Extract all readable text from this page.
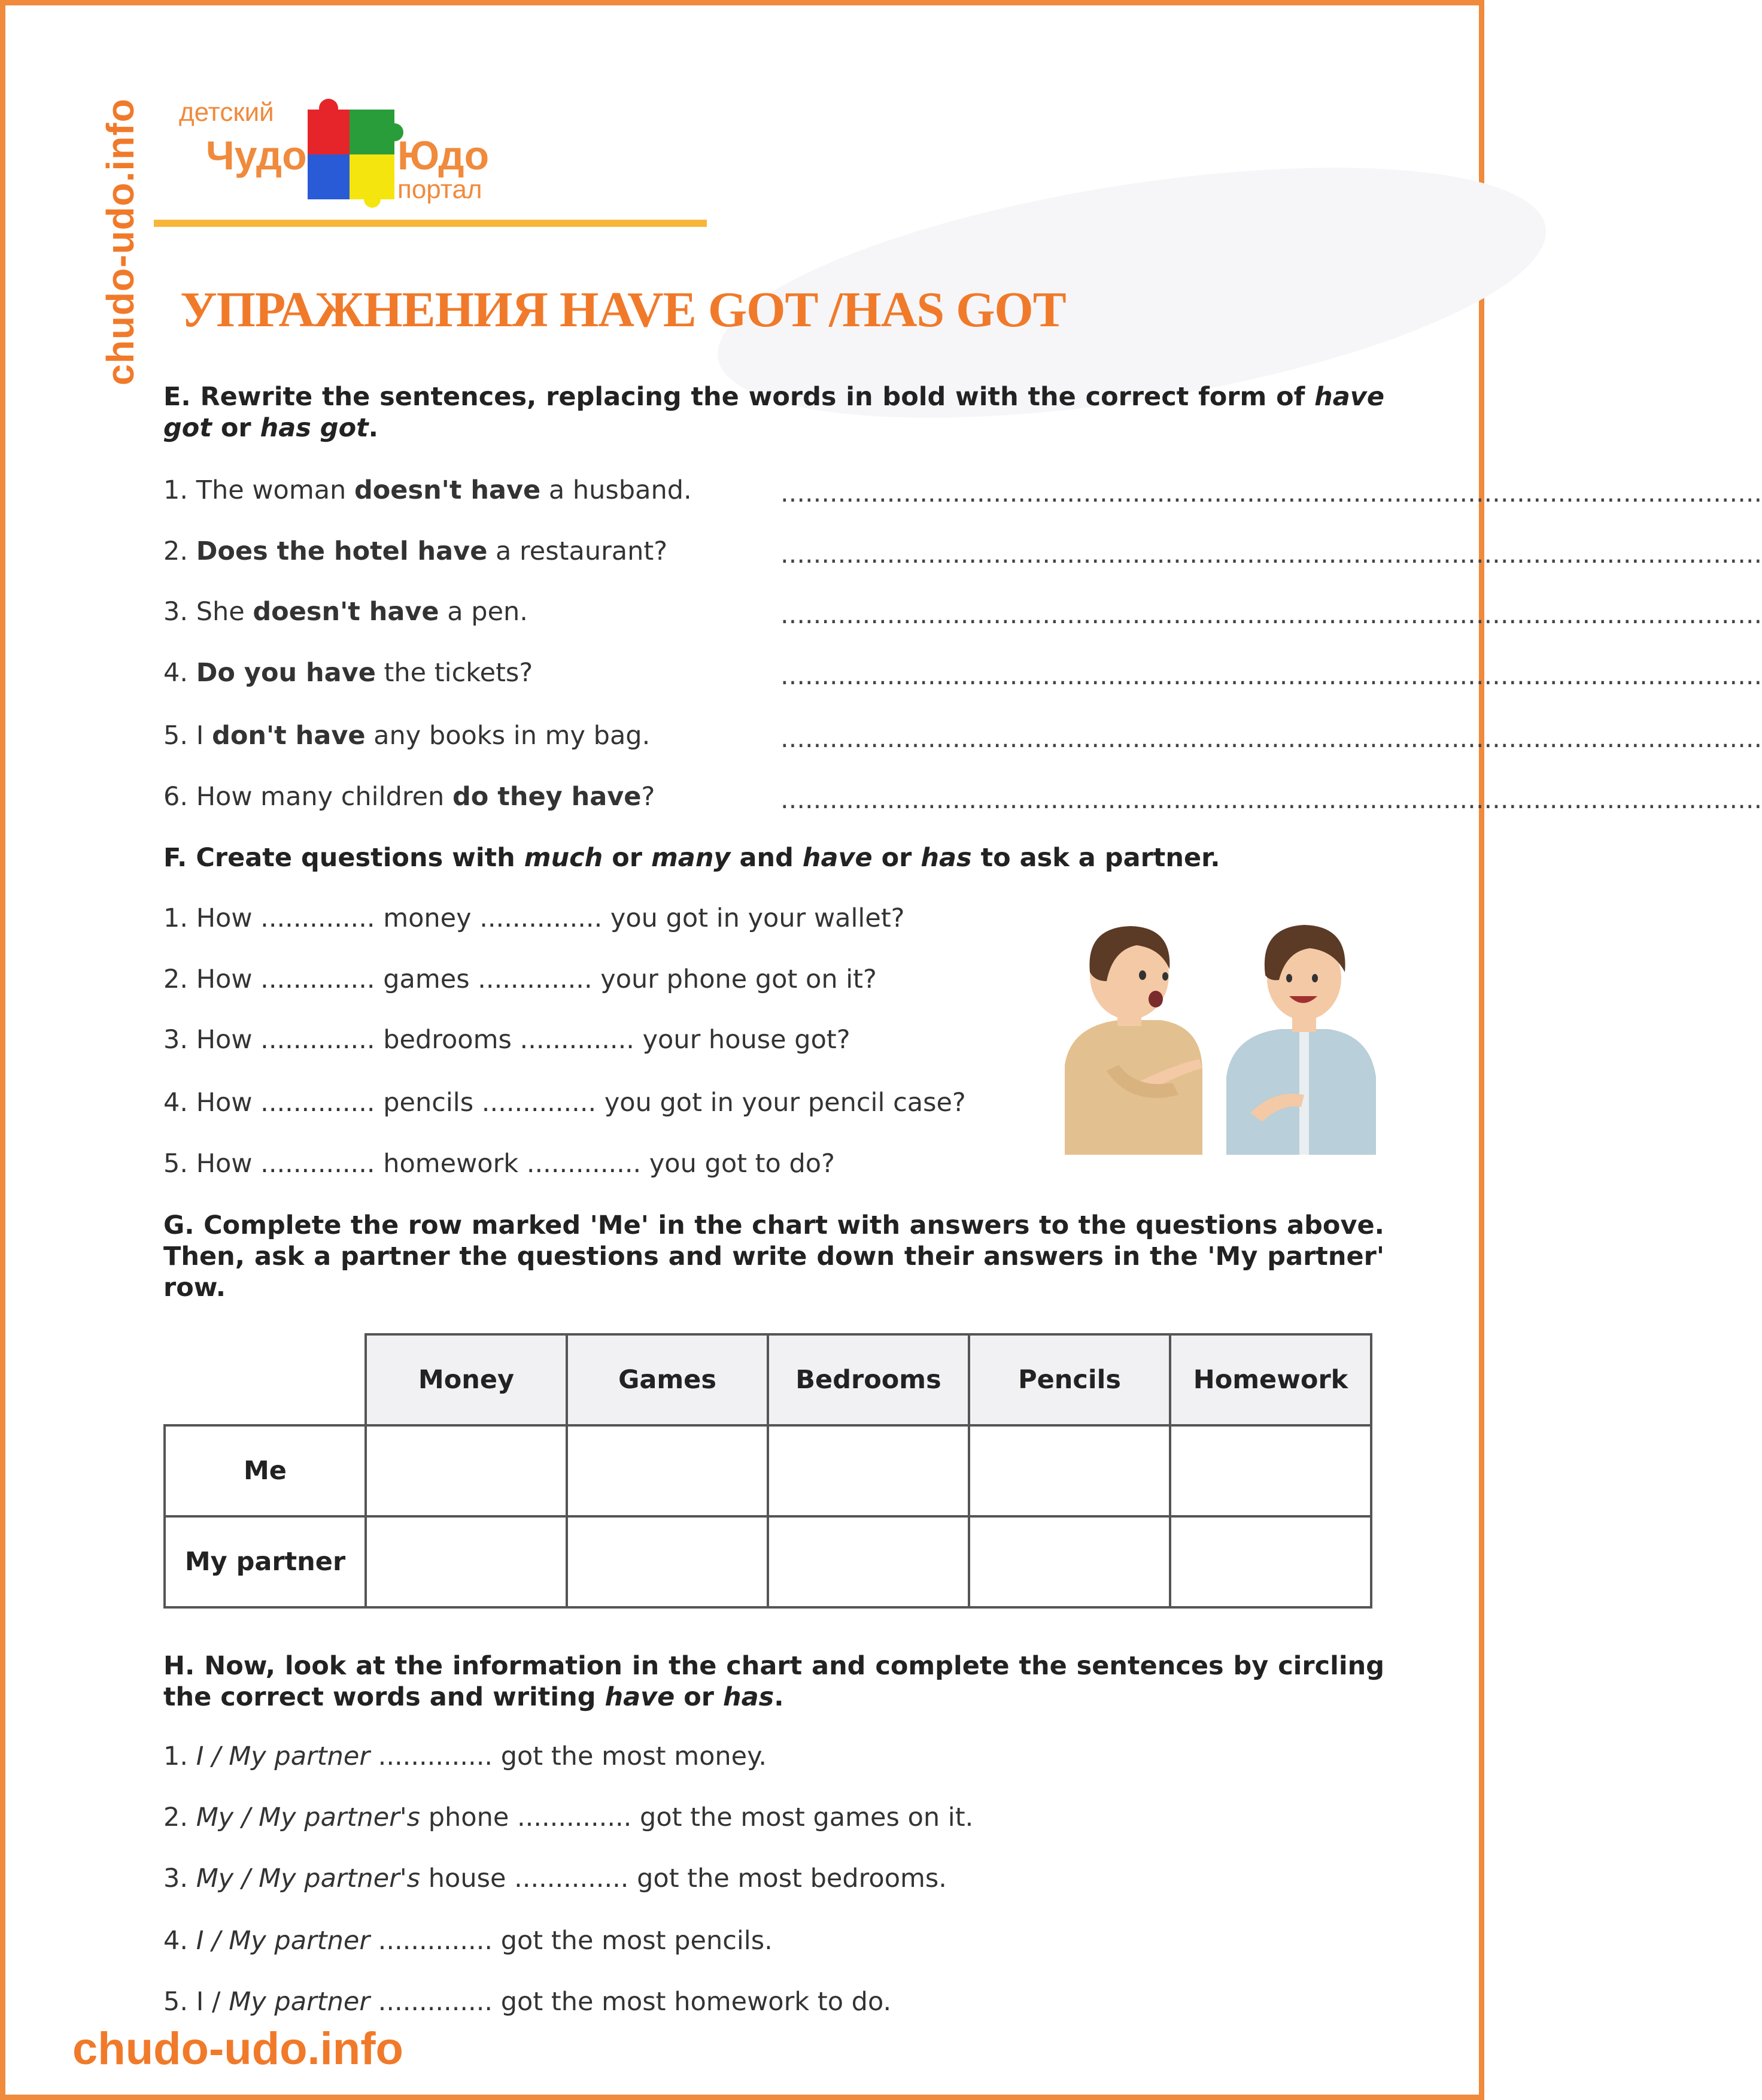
chudo-udo.info детский
Чудо Юдо
портал
УПРАЖНЕНИЯ HAVE GOT /HAS GOT
E. Rewrite the sentences, replacing the words in bold with the correct form of have got or has got.
1. The woman doesn't have a husband.	........................................................................................................................
2. Does the hotel have a restaurant?	........................................................................................................................
3. She doesn't have a pen.	........................................................................................................................
4. Do you have the tickets?	........................................................................................................................
5. I don't have any books in my bag.	........................................................................................................................
6. How many children do they have?	........................................................................................................................
F. Create questions with much or many and have or has to ask a partner.
1. How .............. money ............... you got in your wallet?
2. How .............. games .............. your phone got on it?
3. How .............. bedrooms .............. your house got?
4. How .............. pencils .............. you got in your pencil case?
5. How .............. homework .............. you got to do?
G. Complete the row marked 'Me' in the chart with answers to the questions above. Then, ask a partner the questions and write down their answers in the 'My partner' row.
	Money	Games	Bedrooms	Pencils	Homework
Me					
My partner					
H. Now, look at the information in the chart and complete the sentences by circling the correct words and writing have or has.
1. I / My partner .............. got the most money.
2. My / My partner's phone .............. got the most games on it.
3. My / My partner's house .............. got the most bedrooms.
4. I / My partner .............. got the most pencils.
5. I / My partner .............. got the most homework to do.
chudo-udo.info
